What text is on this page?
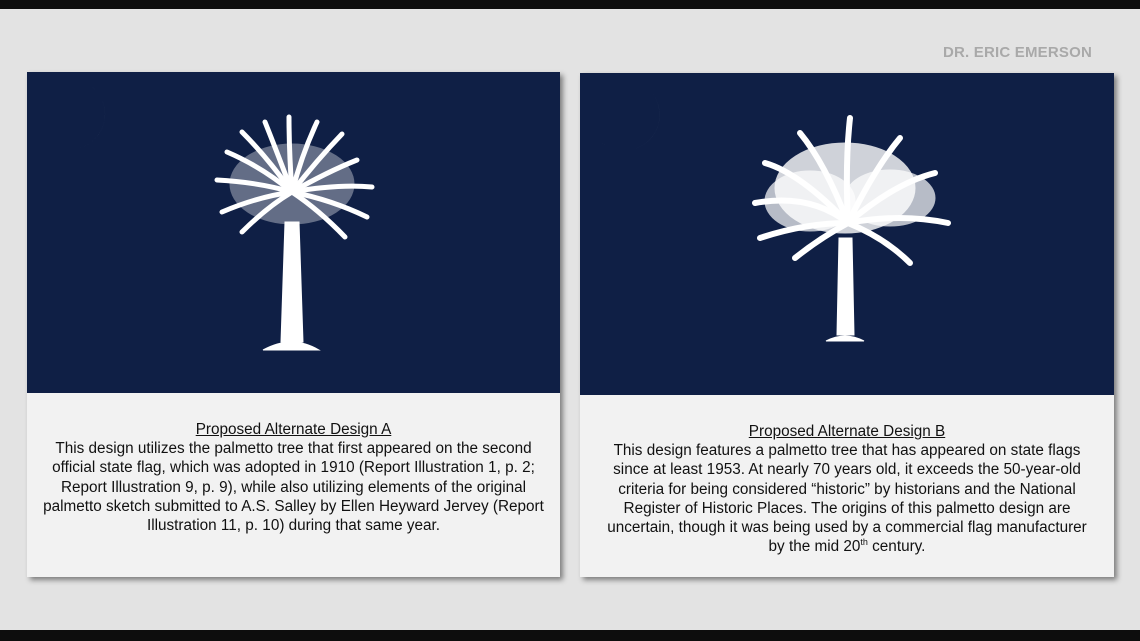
DR. ERIC EMERSON
Proposed Alternate Design A
This design utilizes the palmetto tree that first appeared on the second
official state flag, which was adopted in 1910 (Report Illustration 1, p. 2;
Report Illustration 9, p. 9), while also utilizing elements of the original
palmetto sketch submitted to A.S. Salley by Ellen Heyward Jervey (Report
Illustration 11, p. 10) during that same year.
Proposed Alternate Design B
This design features a palmetto tree that has appeared on state flags
since at least 1953. At nearly 70 years old, it exceeds the 50-year-old
criteria for being considered “historic” by historians and the National
Register of Historic Places. The origins of this palmetto design are
uncertain, though it was being used by a commercial flag manufacturer
by the mid 20th century.
